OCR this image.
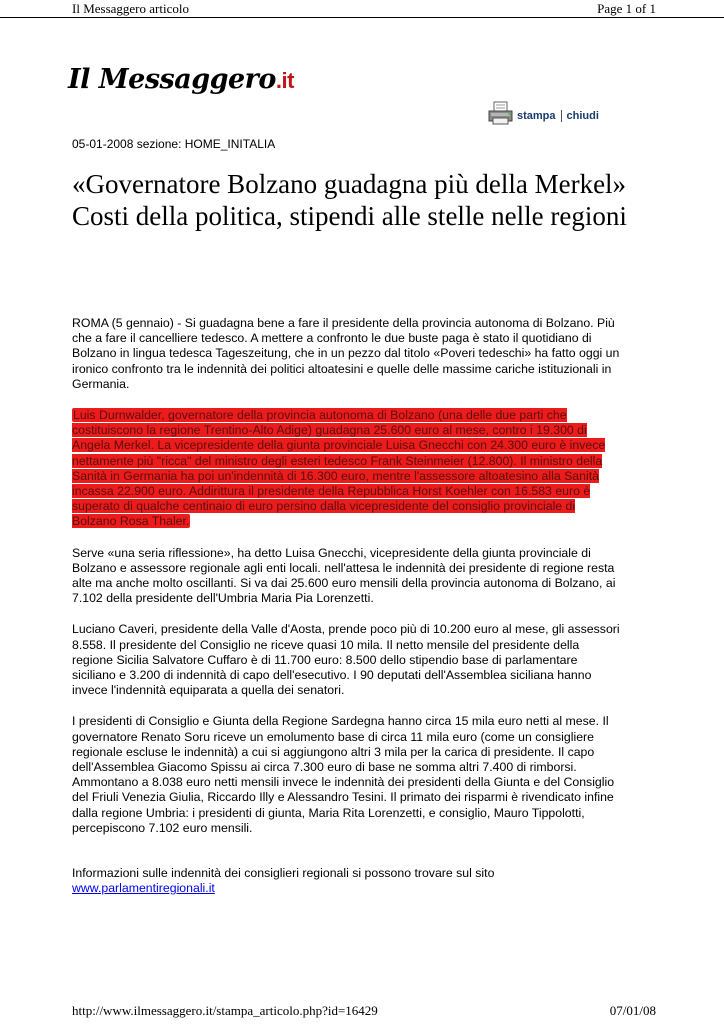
Il Messaggero articolo	Page 1 of 1
Il Messaggero.it
stampa chiudi
05-01-2008 sezione: HOME_INITALIA
«Governatore Bolzano guadagna più della Merkel»
Costi della politica, stipendi alle stelle nelle regioni

ROMA (5 gennaio) - Si guadagna bene a fare il presidente della provincia autonoma di Bolzano. Più che a fare il cancelliere tedesco. A mettere a confronto le due buste paga è stato il quotidiano di Bolzano in lingua tedesca Tageszeitung, che in un pezzo dal titolo «Poveri tedeschi» ha fatto oggi un ironico confronto tra le indennità dei politici altoatesini e quelle delle massime cariche istituzionali in Germania.

Luis Durnwalder, governatore della provincia autonoma di Bolzano (una delle due parti che costituiscono la regione Trentino-Alto Adige) guadagna 25.600 euro al mese, contro i 19.300 di Angela Merkel. La vicepresidente della giunta provinciale Luisa Gnecchi con 24.300 euro è invece nettamente più "ricca" del ministro degli esteri tedesco Frank Steinmeier (12.800). Il ministro della Sanità in Germania ha poi un'indennità di 16.300 euro, mentre l'assessore altoatesino alla Sanità incassa 22.900 euro. Addirittura il presidente della Repubblica Horst Koehler con 16.583 euro è superato di qualche centinaio di euro persino dalla vicepresidente del consiglio provinciale di Bolzano Rosa Thaler.

Serve «una seria riflessione», ha detto Luisa Gnecchi, vicepresidente della giunta provinciale di Bolzano e assessore regionale agli enti locali. nell'attesa le indennità dei presidente di regione resta alte ma anche molto oscillanti. Si va dai 25.600 euro mensili della provincia autonoma di Bolzano, ai 7.102 della presidente dell'Umbria Maria Pia Lorenzetti.

Luciano Caveri, presidente della Valle d'Aosta, prende poco più di 10.200 euro al mese, gli assessori 8.558. Il presidente del Consiglio ne riceve quasi 10 mila. Il netto mensile del presidente della regione Sicilia Salvatore Cuffaro è di 11.700 euro: 8.500 dello stipendio base di parlamentare siciliano e 3.200 di indennità di capo dell'esecutivo. I 90 deputati dell'Assemblea siciliana hanno invece l'indennità equiparata a quella dei senatori.

I presidenti di Consiglio e Giunta della Regione Sardegna hanno circa 15 mila euro netti al mese. Il governatore Renato Soru riceve un emolumento base di circa 11 mila euro (come un consigliere regionale escluse le indennità) a cui si aggiungono altri 3 mila per la carica di presidente. Il capo dell'Assemblea Giacomo Spissu ai circa 7.300 euro di base ne somma altri 7.400 di rimborsi. Ammontano a 8.038 euro netti mensili invece le indennità dei presidenti della Giunta e del Consiglio del Friuli Venezia Giulia, Riccardo Illy e Alessandro Tesini. Il primato dei risparmi è rivendicato infine dalla regione Umbria: i presidenti di giunta, Maria Rita Lorenzetti, e consiglio, Mauro Tippolotti, percepiscono 7.102 euro mensili.

Informazioni sulle indennità dei consiglieri regionali si possono trovare sul sito
www.parlamentiregionali.it

http://www.ilmessaggero.it/stampa_articolo.php?id=16429	07/01/08
